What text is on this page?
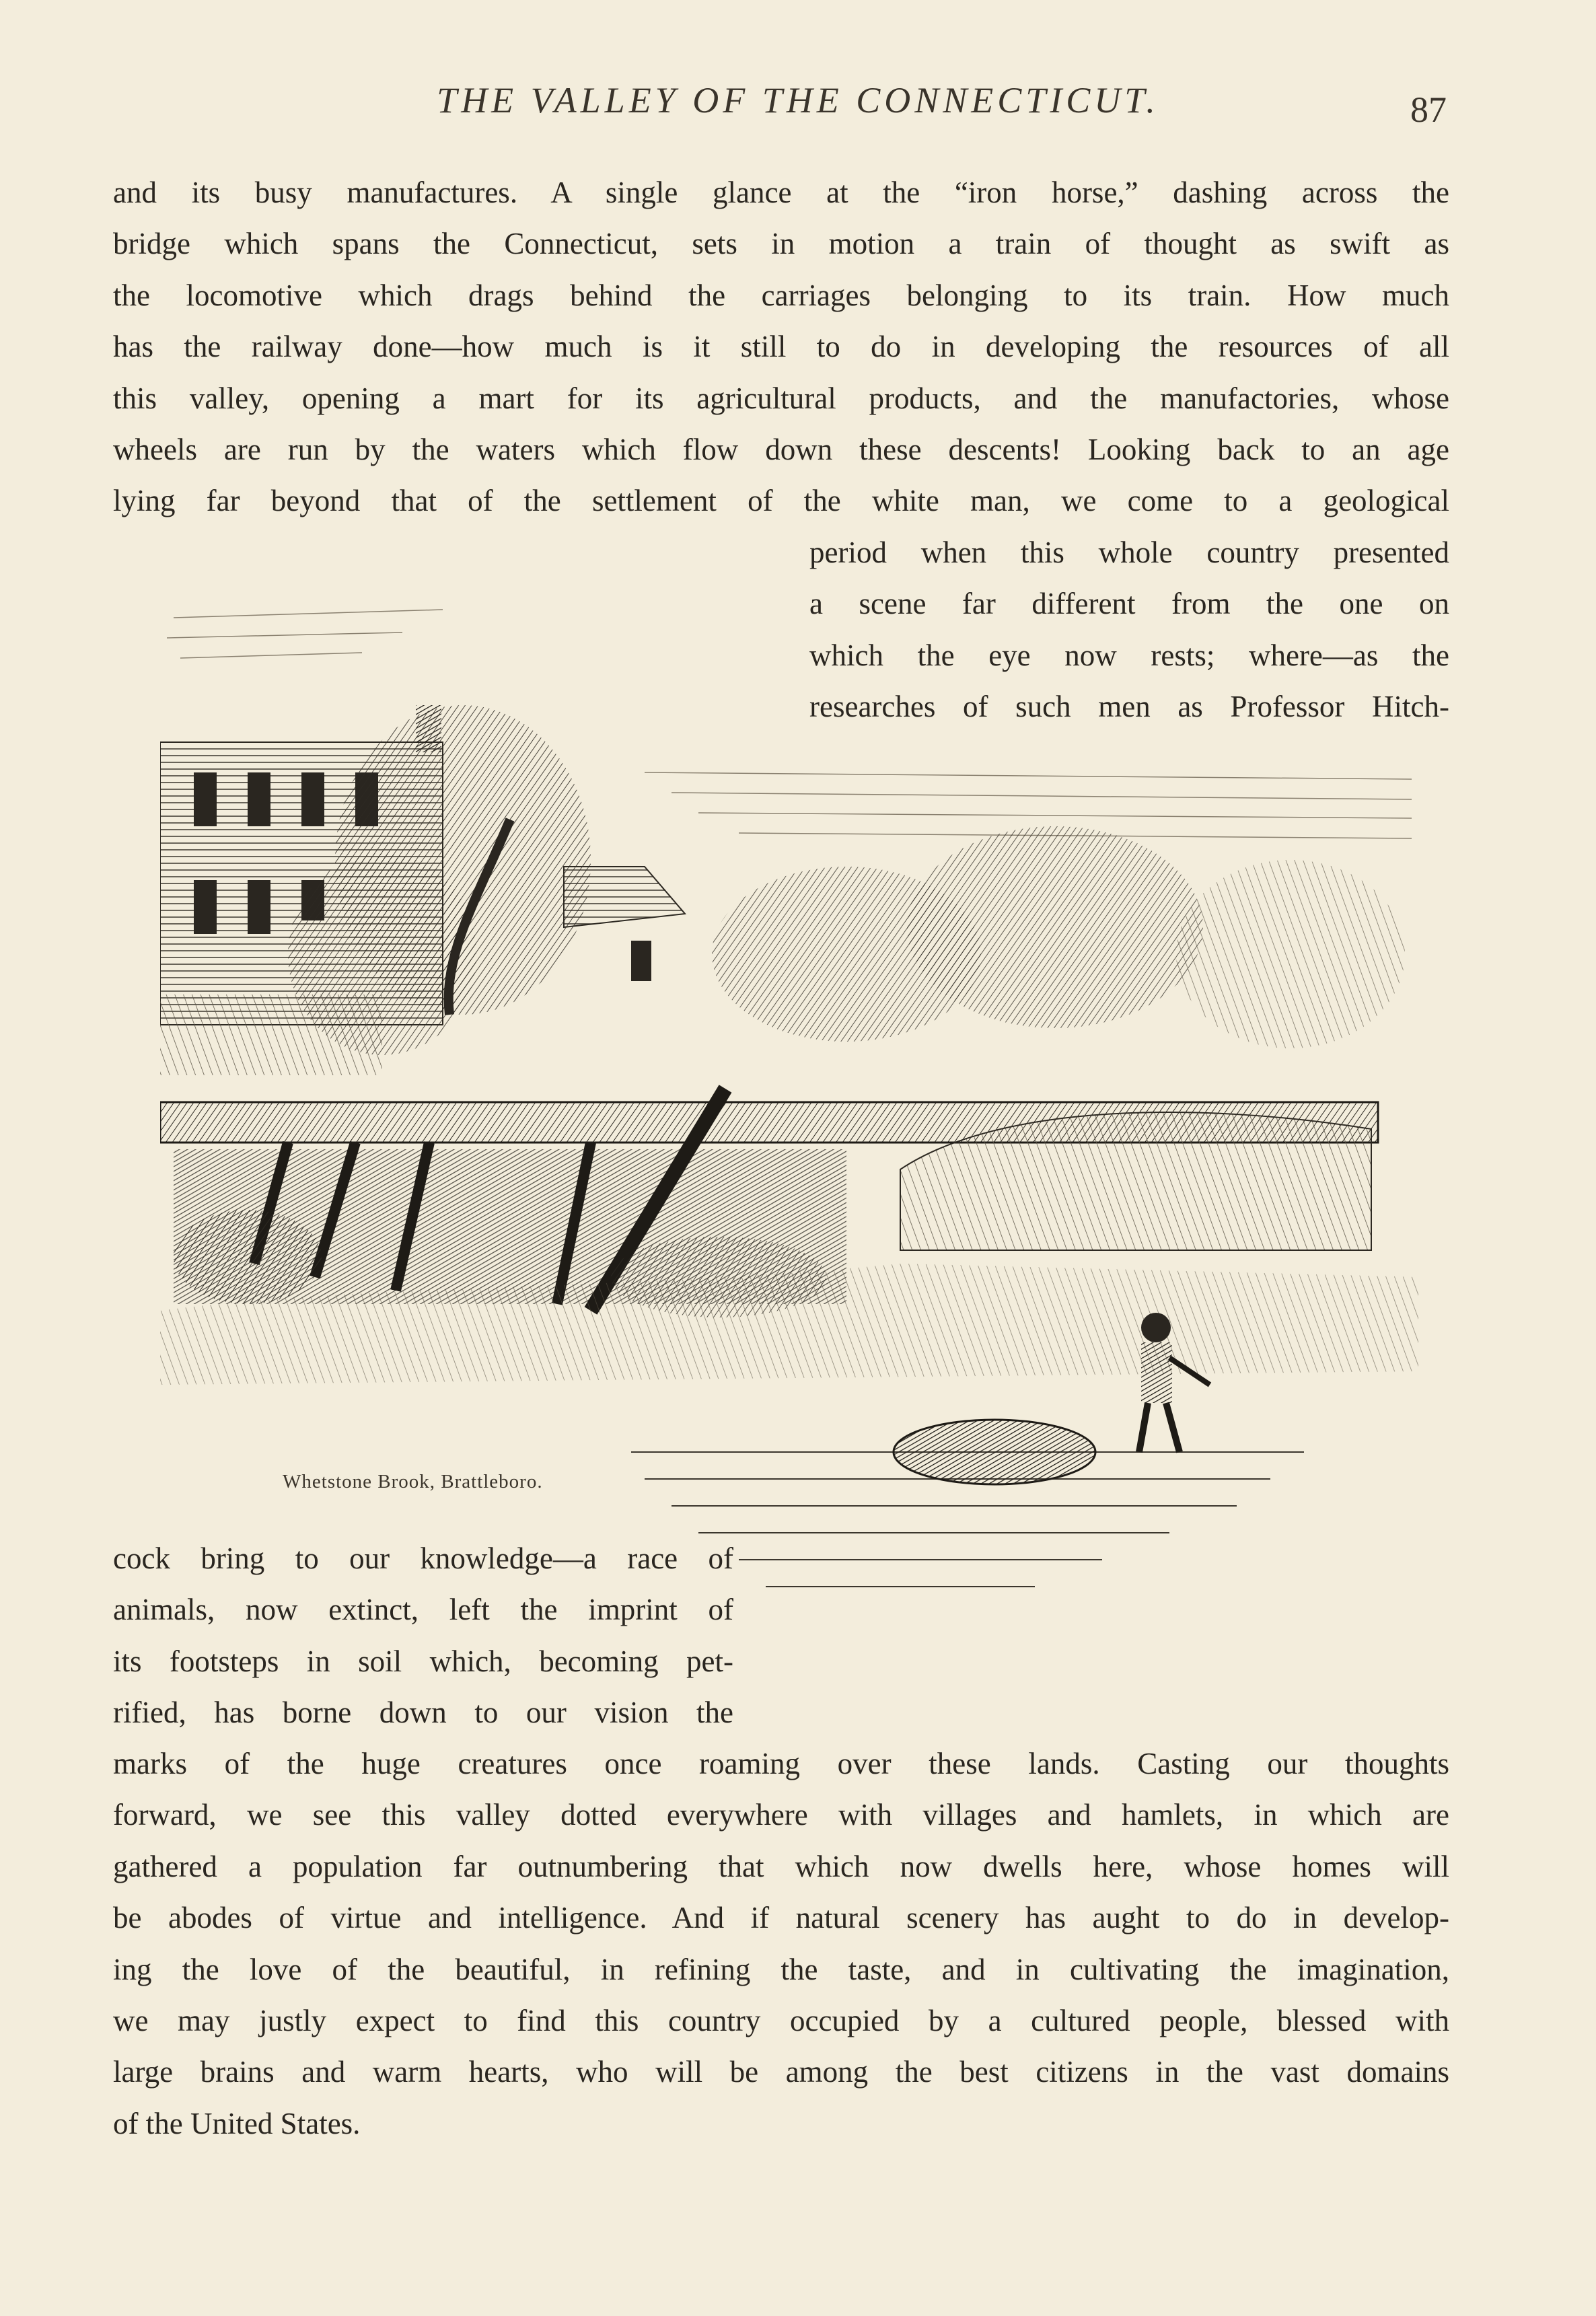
THE VALLEY OF THE CONNECTICUT.	87
and its busy manufactures. A single glance at the “iron horse,” dashing across the
bridge which spans the Connecticut, sets in motion a train of thought as swift as
the locomotive which drags behind the carriages belonging to its train. How much
has the railway done—how much is it still to do in developing the resources of all
this valley, opening a mart for its agricultural products, and the manufactories, whose
wheels are run by the waters which flow down these descents! Looking back to an age
lying far beyond that of the settlement of the white man, we come to a geological
period when this whole country presented
a scene far different from the one on
which the eye now rests; where—as the
researches of such men as Professor Hitch-
Whetstone Brook, Brattleboro.
cock bring to our knowledge—a race of
animals, now extinct, left the imprint of
its footsteps in soil which, becoming pet-
rified, has borne down to our vision the
marks of the huge creatures once roaming over these lands. Casting our thoughts
forward, we see this valley dotted everywhere with villages and hamlets, in which are
gathered a population far outnumbering that which now dwells here, whose homes will
be abodes of virtue and intelligence. And if natural scenery has aught to do in develop-
ing the love of the beautiful, in refining the taste, and in cultivating the imagination,
we may justly expect to find this country occupied by a cultured people, blessed with
large brains and warm hearts, who will be among the best citizens in the vast domains
of the United States.
